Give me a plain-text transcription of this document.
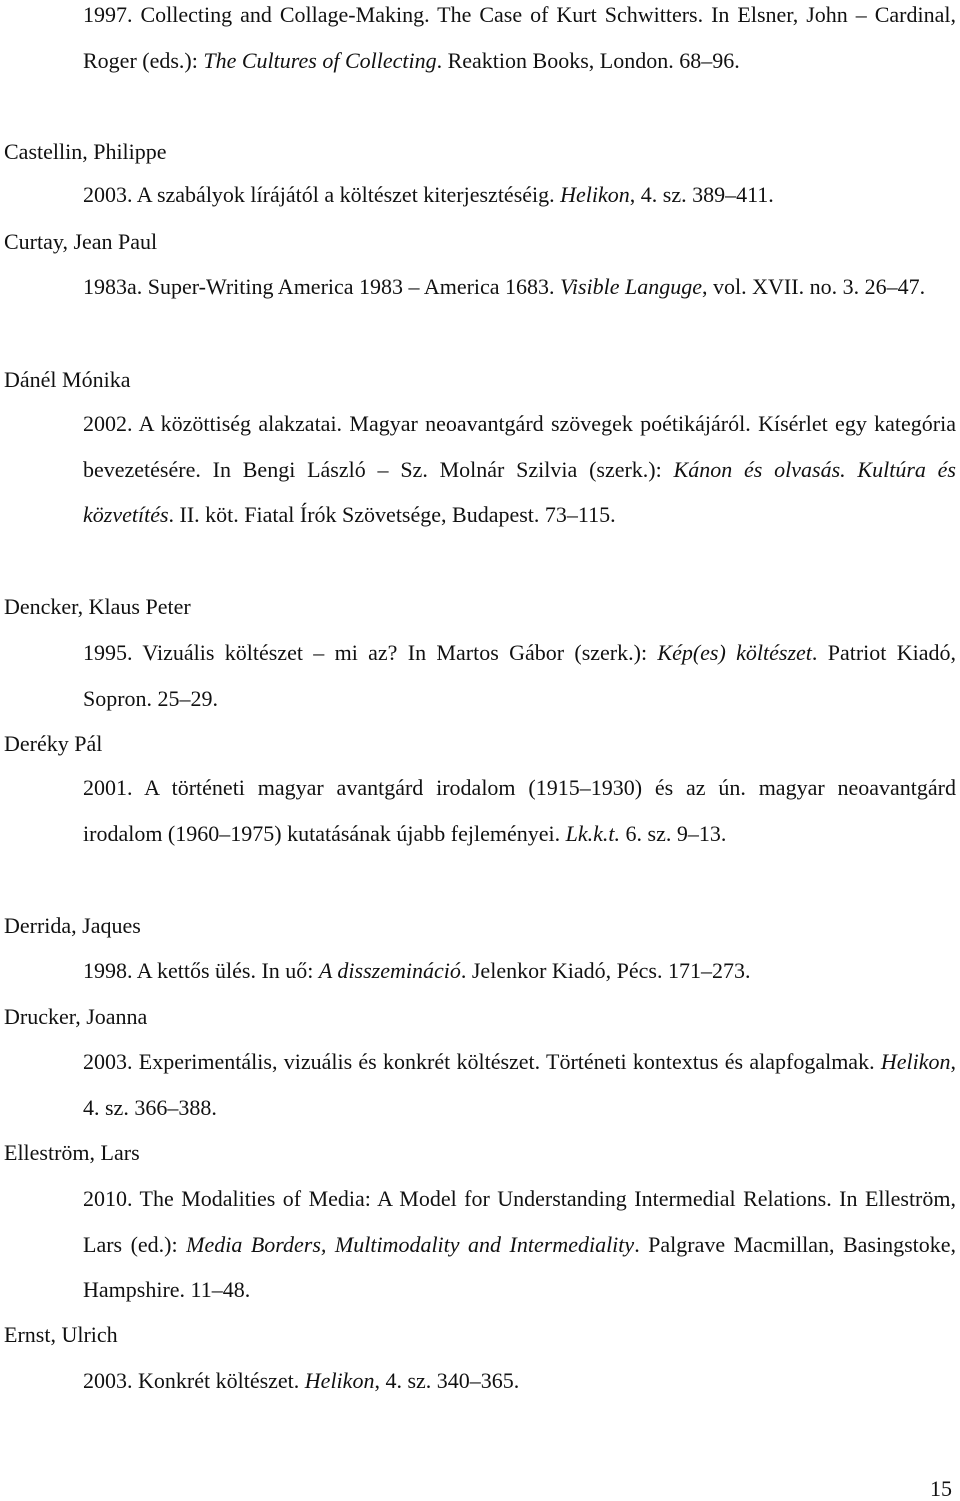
1997. Collecting and Collage-Making. The Case of Kurt Schwitters. In Elsner, John – Cardinal, Roger (eds.): The Cultures of Collecting. Reaktion Books, London. 68–96.
Castellin, Philippe
2003. A szabályok lírájától a költészet kiterjesztéséig. Helikon, 4. sz. 389–411.
Curtay, Jean Paul
1983a. Super-Writing America 1983 – America 1683. Visible Languge, vol. XVII. no. 3. 26–47.
Dánél Mónika
2002. A közöttiség alakzatai. Magyar neoavantgárd szövegek poétikájáról. Kísérlet egy kategória bevezetésére. In Bengi László – Sz. Molnár Szilvia (szerk.): Kánon és olvasás. Kultúra és közvetítés. II. köt. Fiatal Írók Szövetsége, Budapest. 73–115.
Dencker, Klaus Peter
1995. Vizuális költészet – mi az? In Martos Gábor (szerk.): Kép(es) költészet. Patriot Kiadó, Sopron. 25–29.
Deréky Pál
2001. A történeti magyar avantgárd irodalom (1915–1930) és az ún. magyar neoavantgárd irodalom (1960–1975) kutatásának újabb fejleményei. Lk.k.t. 6. sz. 9–13.
Derrida, Jaques
1998. A kettős ülés. In uő: A disszemináció. Jelenkor Kiadó, Pécs. 171–273.
Drucker, Joanna
2003. Experimentális, vizuális és konkrét költészet. Történeti kontextus és alapfogalmak. Helikon, 4. sz. 366–388.
Elleström, Lars
2010. The Modalities of Media: A Model for Understanding Intermedial Relations. In Elleström, Lars (ed.): Media Borders, Multimodality and Intermediality. Palgrave Macmillan, Basingstoke, Hampshire. 11–48.
Ernst, Ulrich
2003. Konkrét költészet. Helikon, 4. sz. 340–365.
15
